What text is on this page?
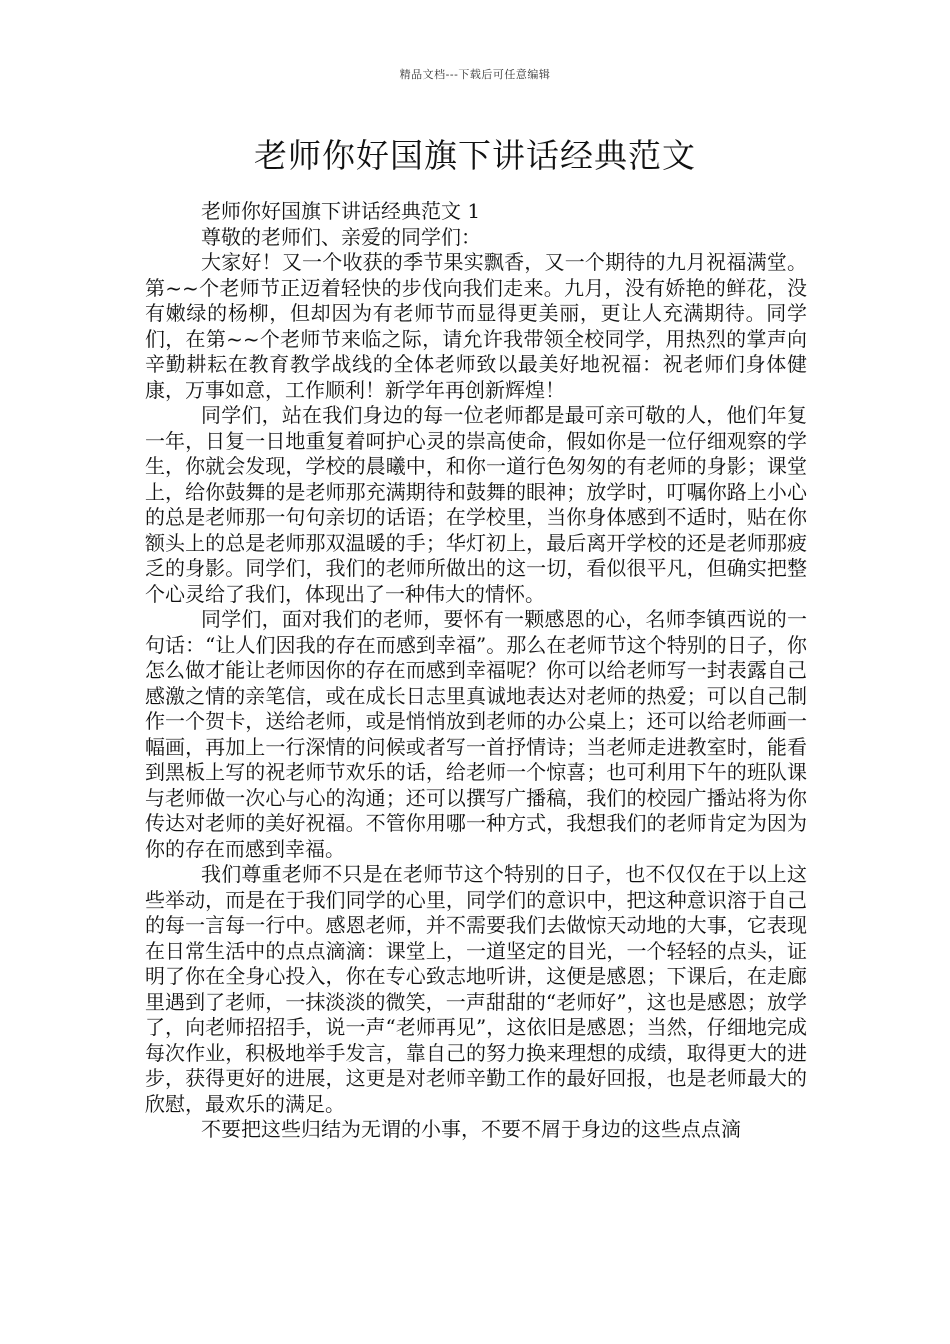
精品文档---下载后可任意编辑
老师你好国旗下讲话经典范文

老师你好国旗下讲话经典范文 1

尊敬的老师们、亲爱的同学们：

大家好！又一个收获的季节果实飘香，又一个期待的九月祝福满堂。第~~个老师节正迈着轻快的步伐向我们走来。九月，没有娇艳的鲜花，没有嫩绿的杨柳，但却因为有老师节而显得更美丽，更让人充满期待。同学们，在第~~个老师节来临之际，请允许我带领全校同学，用热烈的掌声向辛勤耕耘在教育教学战线的全体老师致以最美好地祝福：祝老师们身体健康，万事如意，工作顺利！新学年再创新辉煌！

同学们，站在我们身边的每一位老师都是最可亲可敬的人，他们年复一年，日复一日地重复着呵护心灵的崇高使命，假如你是一位仔细观察的学生，你就会发现，学校的晨曦中，和你一道行色匆匆的有老师的身影；课堂上，给你鼓舞的是老师那充满期待和鼓舞的眼神；放学时，叮嘱你路上小心的总是老师那一句句亲切的话语；在学校里，当你身体感到不适时，贴在你额头上的总是老师那双温暖的手；华灯初上，最后离开学校的还是老师那疲乏的身影。同学们，我们的老师所做出的这一切，看似很平凡，但确实把整个心灵给了我们，体现出了一种伟大的情怀。

同学们，面对我们的老师，要怀有一颗感恩的心，名师李镇西说的一句话：“让人们因我的存在而感到幸福”。那么在老师节这个特别的日子，你怎么做才能让老师因你的存在而感到幸福呢？你可以给老师写一封表露自己感激之情的亲笔信，或在成长日志里真诚地表达对老师的热爱；可以自己制作一个贺卡，送给老师，或是悄悄放到老师的办公桌上；还可以给老师画一幅画，再加上一行深情的问候或者写一首抒情诗；当老师走进教室时，能看到黑板上写的祝老师节欢乐的话，给老师一个惊喜；也可利用下午的班队课与老师做一次心与心的沟通；还可以撰写广播稿，我们的校园广播站将为你传达对老师的美好祝福。不管你用哪一种方式，我想我们的老师肯定为因为你的存在而感到幸福。

我们尊重老师不只是在老师节这个特别的日子，也不仅仅在于以上这些举动，而是在于我们同学的心里，同学们的意识中，把这种意识溶于自己的每一言每一行中。感恩老师，并不需要我们去做惊天动地的大事，它表现在日常生活中的点点滴滴：课堂上，一道坚定的目光，一个轻轻的点头，证明了你在全身心投入，你在专心致志地听讲，这便是感恩；下课后，在走廊里遇到了老师，一抹淡淡的微笑，一声甜甜的“老师好”，这也是感恩；放学了，向老师招招手，说一声“老师再见”，这依旧是感恩；当然，仔细地完成每次作业，积极地举手发言，靠自己的努力换来理想的成绩，取得更大的进步，获得更好的进展，这更是对老师辛勤工作的最好回报，也是老师最大的欣慰，最欢乐的满足。

不要把这些归结为无谓的小事，不要不屑于身边的这些点点滴
